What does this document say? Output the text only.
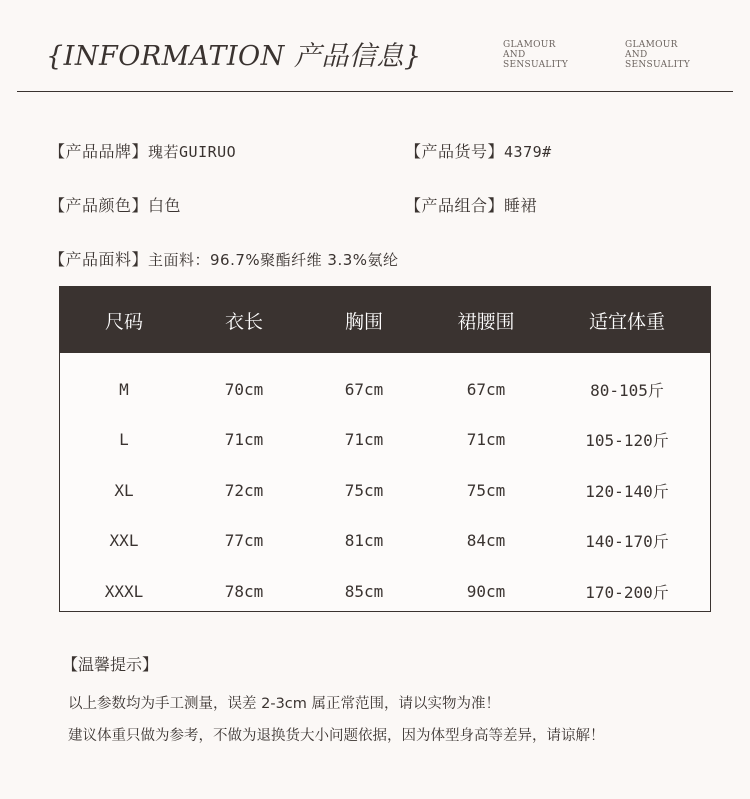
{INFORMATION 产品信息}	GLAMOUR
AND
SENSUALITY
GLAMOUR
AND
SENSUALITY
【产品品牌】瑰若GUIRUO	【产品货号】4379#
【产品颜色】白色	【产品组合】睡裙
【产品面料】主面料：96.7%聚酯纤维 3.3%氨纶
尺码	衣长	胸围	裙腰围	适宜体重
M	70cm	67cm	67cm	80-105斤
L	71cm	71cm	71cm	105-120斤
XL	72cm	75cm	75cm	120-140斤
XXL	77cm	81cm	84cm	140-170斤
XXXL	78cm	85cm	90cm	170-200斤
【温馨提示】
以上参数均为手工测量，误差 2-3cm 属正常范围，请以实物为准！
建议体重只做为参考，不做为退换货大小问题依据，因为体型身高等差异，请谅解！
